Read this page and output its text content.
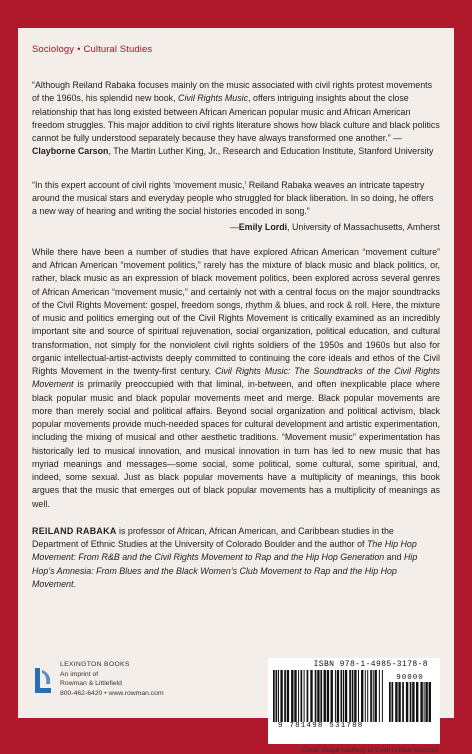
Sociology • Cultural Studies

“Although Reiland Rabaka focuses mainly on the music associated with civil rights protest movements of the 1960s, his splendid new book, Civil Rights Music, offers intriguing insights about the close relationship that has long existed between African American popular music and African American freedom struggles. This major addition to civil rights literature shows how black culture and black politics cannot be fully understood separately because they have always transformed one another.” —Clayborne Carson, The Martin Luther King, Jr., Research and Education Institute, Stanford University

“In this expert account of civil rights ‘movement music,’ Reiland Rabaka weaves an intricate tapestry around the musical stars and everyday people who struggled for black liberation. In so doing, he offers a new way of hearing and writing the social histories encoded in song.”

—Emily Lordi, University of Massachusetts, Amherst

While there have been a number of studies that have explored African American “movement culture” and African American “movement politics,” rarely has the mixture of black music and black politics, or, rather, black music as an expression of black movement politics, been explored across several genres of African American “movement music,” and certainly not with a central focus on the major soundtracks of the Civil Rights Movement: gospel, freedom songs, rhythm & blues, and rock & roll. Here, the mixture of music and politics emerging out of the Civil Rights Movement is critically examined as an incredibly important site and source of spiritual rejuvenation, social organization, political education, and cultural transformation, not simply for the nonviolent civil rights soldiers of the 1950s and 1960s but also for organic intellectual-artist-activists deeply committed to continuing the core ideals and ethos of the Civil Rights Movement in the twenty-first century. Civil Rights Music: The Soundtracks of the Civil Rights Movement is primarily preoccupied with that liminal, in-between, and often inexplicable place where black popular music and black popular movements meet and merge. Black popular movements are more than merely social and political affairs. Beyond social organization and political activism, black popular movements provide much-needed spaces for cultural development and artistic experimentation, including the mixing of musical and other aesthetic traditions. “Movement music” experimentation has historically led to musical innovation, and musical innovation in turn has led to new music that has myriad meanings and messages—some social, some political, some cultural, some spiritual, and, indeed, some sexual. Just as black popular movements have a multiplicity of meanings, this book argues that the music that emerges out of black popular movements has a multiplicity of meanings as well.

REILAND RABAKA is professor of African, African American, and Caribbean studies in the Department of Ethnic Studies at the University of Colorado Boulder and the author of The Hip Hop Movement: From R&B and the Civil Rights Movement to Rap and the Hip Hop Generation and Hip Hop’s Amnesia: From Blues and the Black Women’s Club Movement to Rap and the Hip Hop Movement.

LEXINGTON BOOKS
An imprint of
Rowman & Littlefield
800-462-6420 • www.rowman.com
ISBN 978-1-4985-3178-8
90000
9 781498 531788
Cover image courtesy of Evan O’Neal Kirkman.
